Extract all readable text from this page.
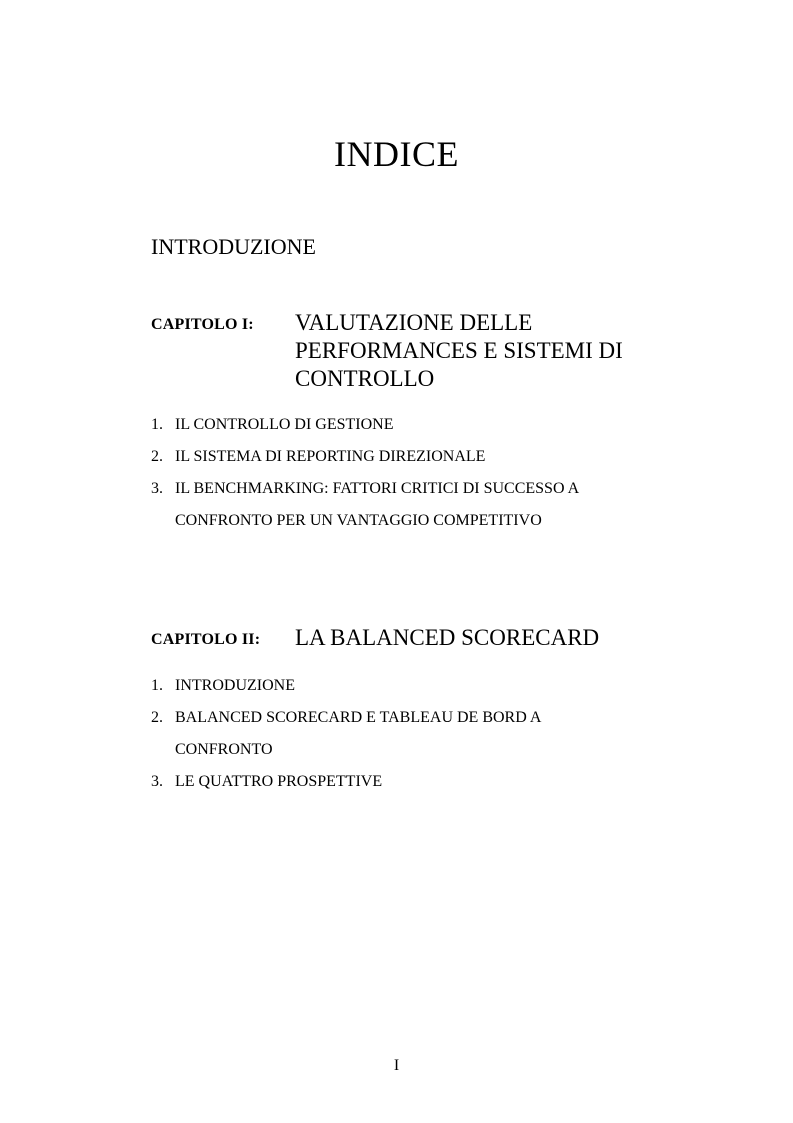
INDICE
INTRODUZIONE
CAPITOLO I: VALUTAZIONE DELLE PERFORMANCES E SISTEMI DI CONTROLLO
1. IL CONTROLLO DI GESTIONE
2. IL SISTEMA DI REPORTING DIREZIONALE
3. IL BENCHMARKING: FATTORI CRITICI DI SUCCESSO A CONFRONTO PER UN VANTAGGIO COMPETITIVO
CAPITOLO II: LA BALANCED SCORECARD
1. INTRODUZIONE
2. BALANCED SCORECARD E TABLEAU DE BORD A CONFRONTO
3. LE QUATTRO PROSPETTIVE
I
